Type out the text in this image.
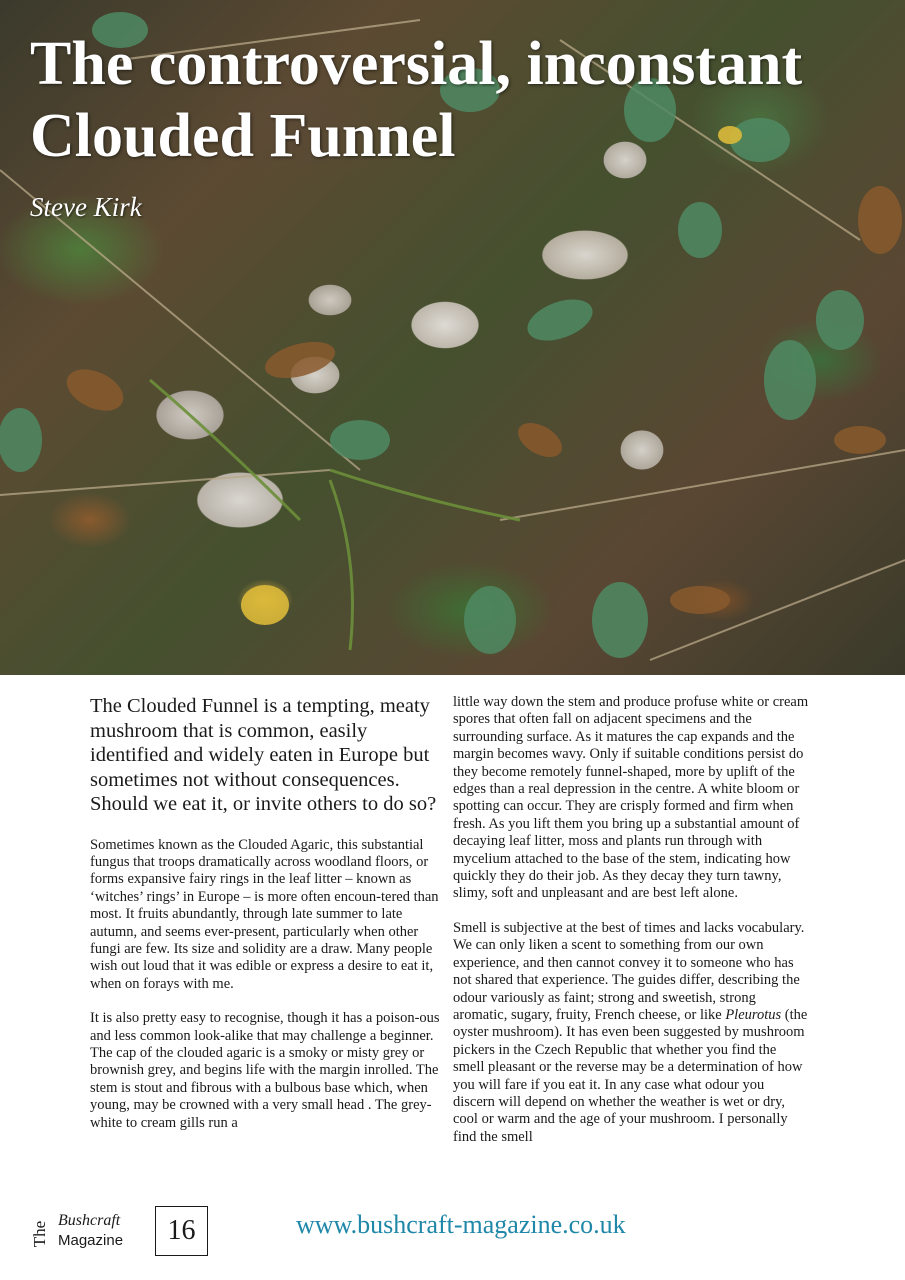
The controversial, inconstant Clouded Funnel

Steve Kirk

The Clouded Funnel is a tempting, meaty mushroom that is common, easily identified and widely eaten in Europe but sometimes not without consequences. Should we eat it, or invite others to do so?

Sometimes known as the Clouded Agaric, this substantial fungus that troops dramatically across woodland floors, or forms expansive fairy rings in the leaf litter – known as ‘witches’ rings’ in Europe – is more often encoun-tered than most. It fruits abundantly, through late summer to late autumn, and seems ever-present, particularly when other fungi are few. Its size and solidity are a draw. Many people wish out loud that it was edible or express a desire to eat it, when on forays with me.

It is also pretty easy to recognise, though it has a poison-ous and less common look-alike that may challenge a beginner. The cap of the clouded agaric is a smoky or misty grey or brownish grey, and begins life with the margin inrolled. The stem is stout and fibrous with a bulbous base which, when young, may be crowned with a very small head . The grey-white to cream gills run a

little way down the stem and produce profuse white or cream spores that often fall on adjacent specimens and the surrounding surface. As it matures the cap expands and the margin becomes wavy. Only if suitable conditions persist do they become remotely funnel-shaped, more by uplift of the edges than a real depression in the centre. A white bloom or spotting can occur. They are crisply formed and firm when fresh. As you lift them you bring up a substantial amount of decaying leaf litter, moss and plants run through with mycelium attached to the base of the stem, indicating how quickly they do their job. As they decay they turn tawny, slimy, soft and unpleasant and are best left alone.

Smell is subjective at the best of times and lacks vocabulary. We can only liken a scent to something from our own experience, and then cannot convey it to someone who has not shared that experience. The guides differ, describing the odour variously as faint; strong and sweetish, strong aromatic, sugary, fruity, French cheese, or like Pleurotus (the oyster mushroom). It has even been suggested by mushroom pickers in the Czech Republic that whether you find the smell pleasant or the reverse may be a determination of how you will fare if you eat it. In any case what odour you discern will depend on whether the weather is wet or dry, cool or warm and the age of your mushroom. I personally find the smell

The
Bushcraft
Magazine	16	www.bushcraft-magazine.co.uk
